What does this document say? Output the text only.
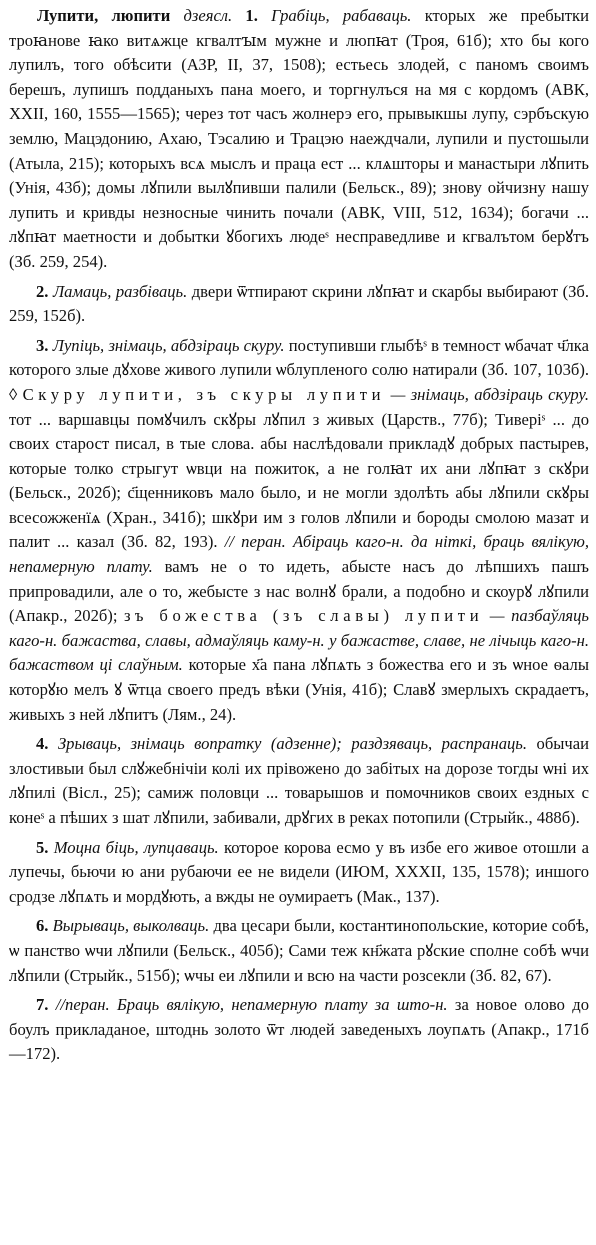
Лупити, люпити дзеясл. 1. Грабіць, рабаваць. кторых же пребытки троꙗнове ꙗко витѧжцe кгвалтꙑм мужне и люпꙗт (Троя, 61б); хто бы кого лупилъ, того обѣсити (АЗР, II, 37, 1508); естьесь злодей, с паномъ своимъ берешъ, лупишъ подданыхъ пана моего, и торгнулъся на мя с кордомъ (АВК, XXII, 160, 1555—1565); через тот часъ жолнерэ его, прывыкшы лупу, сэрбъскую землю, Мацэдонию, Ахаю, Тэсалию и Трацэю наеждчали, лупили и пустошыли (Атыла, 215); которыхъ всѧ мыслъ и праца ест ... клѧшторы и манастыри лꙋпить (Унія, 43б); домы лꙋпили вылꙋпивши палили (Бельск., 89); знову ойчизну нашу лупить и кривды незносные чинить почали (АВК, VIII, 512, 1634); богачи ... лꙋпꙗт маетности и добытки ꙋбогихъ людеˢ несправедливе и кгвалътом берꙋтъ (Зб. 259, 254).

2. Ламаць, разбіваць. двери ѿтпирают скрини лꙋпꙗт и скарбы выбирают (Зб. 259, 152б).

3. Лупіць, знімаць, абдзіраць скуру. поступивши глыбѣˢ в темност ѡбачат ч҃лка которого злые дꙋхове живого лупили ѡблупленого солю натирали (Зб. 107, 103б). ◊ Скуру лупити, зъ скуры лупити — знімаць, абдзіраць скуру. тот ... варшавцы помꙋчилъ скꙋры лꙋпил з живых (Царств., 77б); Тиверіˢ ... до своих старост писал, в тые слова. абы наслѣдовали прикладꙋ добрых пастырев, которые толко стрыгут ѡвци на пожиток, а не голꙗт их ани лꙋпꙗт з скꙋри (Бельск., 202б); с҃щенниковъ мало было, и не могли здолѣть абы лꙋпили скꙋры всесожженїѧ (Хран., 341б); шкꙋри им з голов лꙋпили и бороды смолою мазат и палит ... казал (Зб. 82, 193). // перан. Абіраць каго-н. да ніткі, браць вялікую, непамерную плату. вамъ не о то идеть, абысте насъ до лѣпшихъ пашъ припровадили, але о то, жебысте з нас волнꙋ брали, а подобно и скоурꙋ лꙋпили (Апакр., 202б); зъ божества (зъ славы) лупити — пазбаўляць каго-н. бажаства, славы, адмаўляць каму-н. у бажастве, славе, не лічыць каго-н. бажаством ці слаўным. которые х҃а пана лꙋпѧть з божества его и зъ ѡное ѳалы которꙋю мелъ ꙋ ѿтца своего предъ вѣки (Унія, 41б); Славꙋ змерлыхъ скрадаетъ, живыхъ з ней лꙋпитъ (Лям., 24).

4. Зрываць, знімаць вопратку (адзенне); раздзяваць, распранаць. обычаи злостивыи был слꙋжебнічіи колі их прівожено до забітых на дорозе тогды ѡні их лꙋпилі (Вісл., 25); самиж половци ... товарышов и помочников своих ездных с конеˢ а пѣших з шат лꙋпили, забивали, дрꙋгих в реках потопили (Стрыйк., 488б).

5. Моцна біць, лупцаваць. которое корова есмо у въ избе его живое отошли а лупечы, бьючи ю ани рубаючи ее не видели (ИЮМ, XXXII, 135, 1578); иншого сродзе лꙋпѧть и мордꙋють, а вжды не оумираетъ (Мак., 137).

6. Вырываць, выколваць. два цесари были, костантинопольские, которие собѣ, ѡ панство ѡчи лꙋпили (Бельск., 405б); Сами теж кн҃жата рꙋские сполне собѣ ѡчи лꙋпили (Стрыйк., 515б); ѡчы еи лꙋпили и всю на части розсекли (Зб. 82, 67).

7. //перан. Браць вялікую, непамерную плату за што-н. за новое олово до боулъ прикладаное, штоднь золото ѿт людей заведеныхъ лоупѧть (Апакр., 171б—172).
